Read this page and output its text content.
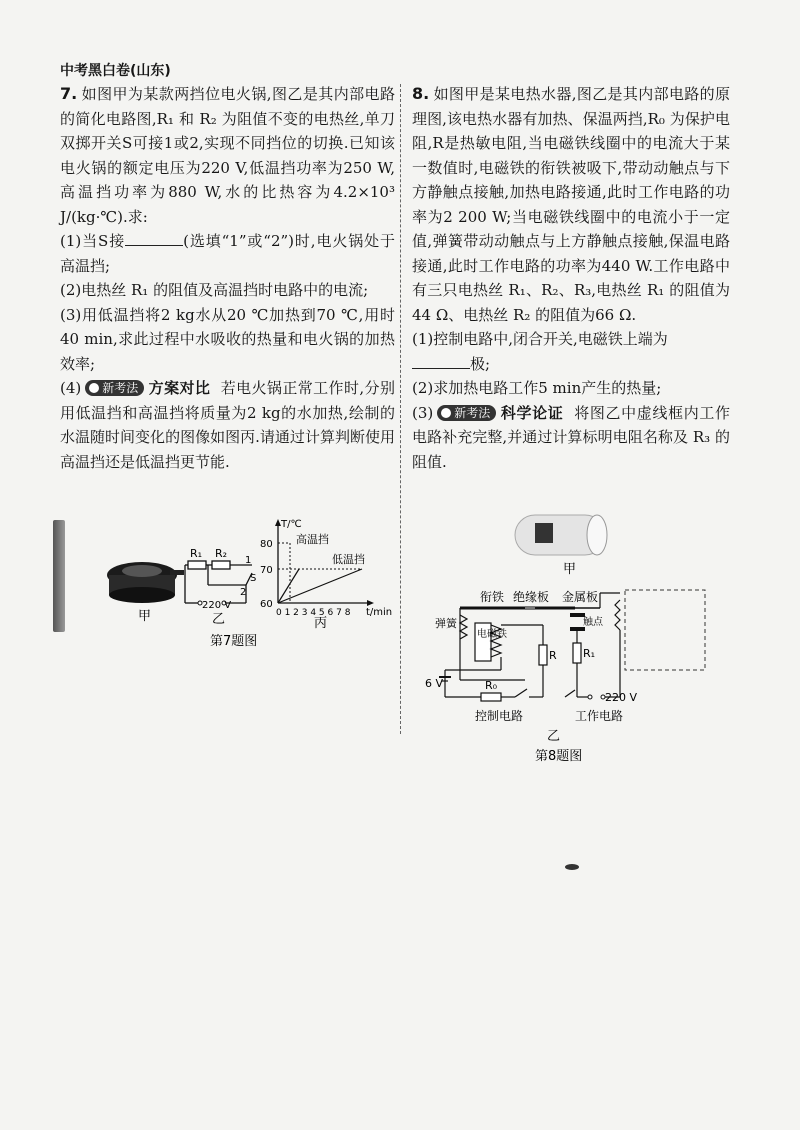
中考黑白卷(山东)

7. 如图甲为某款两挡位电火锅,图乙是其内部电路的简化电路图,R₁ 和 R₂ 为阻值不变的电热丝,单刀双掷开关S可接1或2,实现不同挡位的切换.已知该电火锅的额定电压为220 V,低温挡功率为250 W,高温挡功率为880 W,水的比热容为4.2×10³ J/(kg·℃).求:

(1)当S接	(选填“1”或“2”)时,电火锅处于高温挡;

(2)电热丝 R₁ 的阻值及高温挡时电路中的电流;

(3)用低温挡将2 kg水从20 ℃加热到70 ℃,用时40 min,求此过程中水吸收的热量和电火锅的加热效率;

(4) 新考法 方案对比 若电火锅正常工作时,分别用低温挡和高温挡将质量为2 kg的水加热,绘制的水温随时间变化的图像如图丙.请通过计算判断使用高温挡还是低温挡更节能.

甲
R₁ R₂
1
S
2
220 V
乙
T/℃
80
70
60
0 1 2 3 4 5 6 7 8 t/min
高温挡
低温挡
丙
第7题图

8. 如图甲是某电热水器,图乙是其内部电路的原理图,该电热水器有加热、保温两挡,R₀ 为保护电阻,R是热敏电阻,当电磁铁线圈中的电流大于某一数值时,电磁铁的衔铁被吸下,带动动触点与下方静触点接触,加热电路接通,此时工作电路的功率为2 200 W;当电磁铁线圈中的电流小于一定值,弹簧带动动触点与上方静触点接触,保温电路接通,此时工作电路的功率为440 W.工作电路中有三只电热丝 R₁、R₂、R₃,电热丝 R₁ 的阻值为44 Ω、电热丝 R₂ 的阻值为66 Ω.

(1)控制电路中,闭合开关,电磁铁上端为
极;

(2)求加热电路工作5 min产生的热量;

(3) 新考法 科学论证 将图乙中虚线框内工作电路补充完整,并通过计算标明电阻名称及 R₃ 的阻值.

甲
衔铁 绝缘板 金属板
弹簧
电磁铁
触点
R R₁
R₀
6 V
220 V
控制电路	工作电路
乙
第8题图
